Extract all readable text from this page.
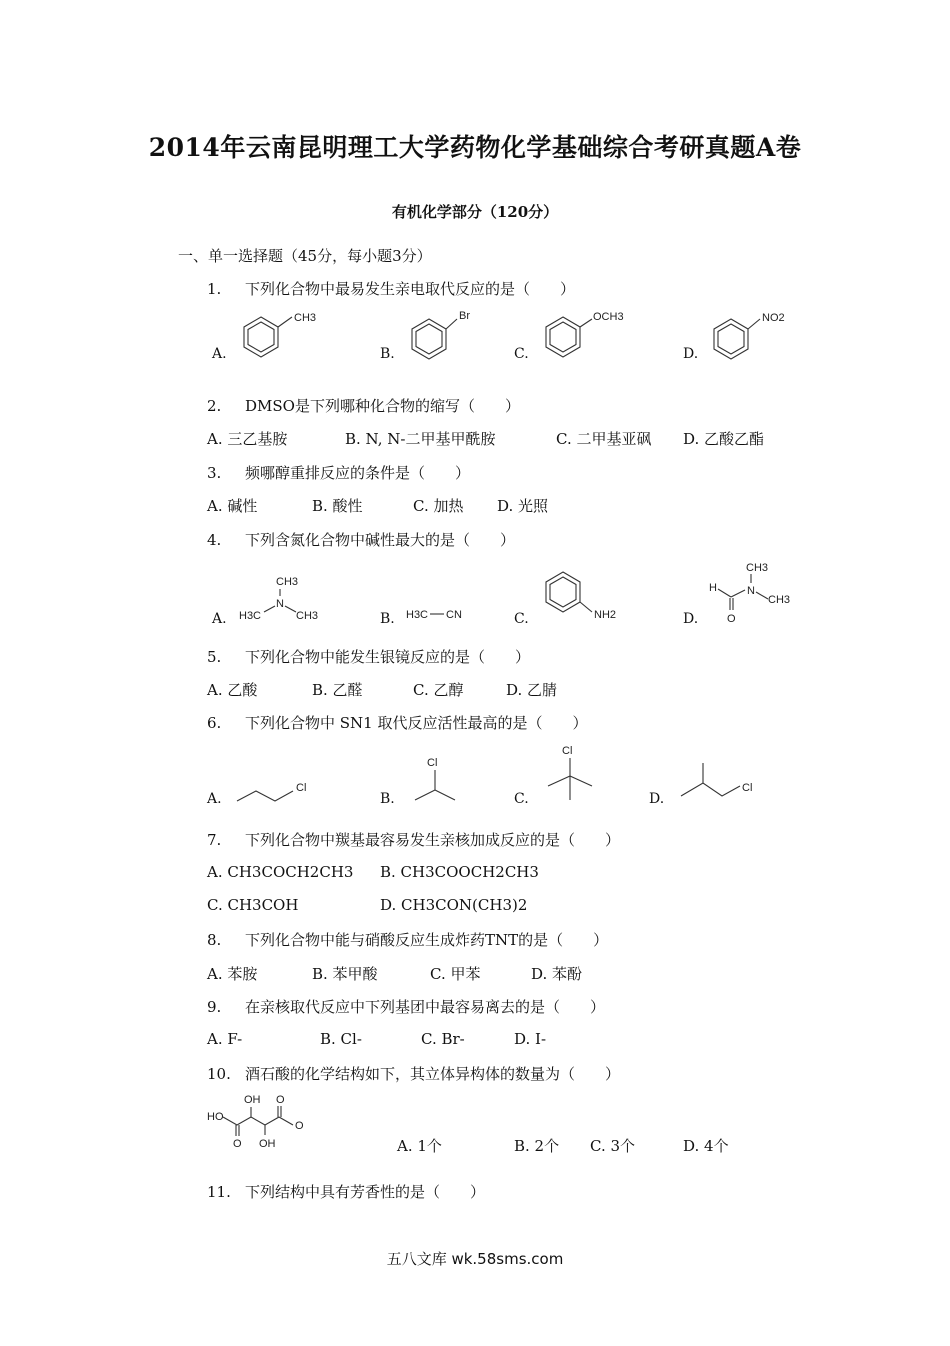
2014年云南昆明理工大学药物化学基础综合考研真题A卷
有机化学部分（120分）
一、单一选择题（45分，每小题3分）
1. 下列化合物中最易发生亲电取代反应的是（　　）
A.	B.	C.	D.
CH3	Br	OCH3	NO2
2. DMSO是下列哪种化合物的缩写（　　）
A. 三乙基胺	B. N, N-二甲基甲酰胺	C. 二甲基亚砜 D. 乙酸乙酯
3. 频哪醇重排反应的条件是（　　）
A. 碱性	B. 酸性	C. 加热 D. 光照
4. 下列含氮化合物中碱性最大的是（　　）
A.	B.	C.	D.
CH3
N
H3C	CH3	H3C CN	NH2
CH3
N
CH3
H
O
5. 下列化合物中能发生银镜反应的是（　　）
A. 乙酸	B. 乙醛	C. 乙醇	D. 乙腈
6. 下列化合物中 SN1 取代反应活性最高的是（　　）
A.	B.	C.	D.
Cl
Cl
Cl
Cl
7. 下列化合物中羰基最容易发生亲核加成反应的是（　　）
A. CH3COCH2CH3 B. CH3COOCH2CH3
C. CH3COH	D. CH3CON(CH3)2
8. 下列化合物中能与硝酸反应生成炸药TNT的是（　　）
A. 苯胺	B. 苯甲酸	C. 甲苯	D. 苯酚
9. 在亲核取代反应中下列基团中最容易离去的是（　　）
A. F-	B. Cl-	C. Br-	D. I-
10. 酒石酸的化学结构如下，其立体异构体的数量为（　　）
HO
O
O
OH
OH
O
A. 1个	B. 2个 C. 3个	D. 4个
11. 下列结构中具有芳香性的是（　　）
五八文库 wk.58sms.com
